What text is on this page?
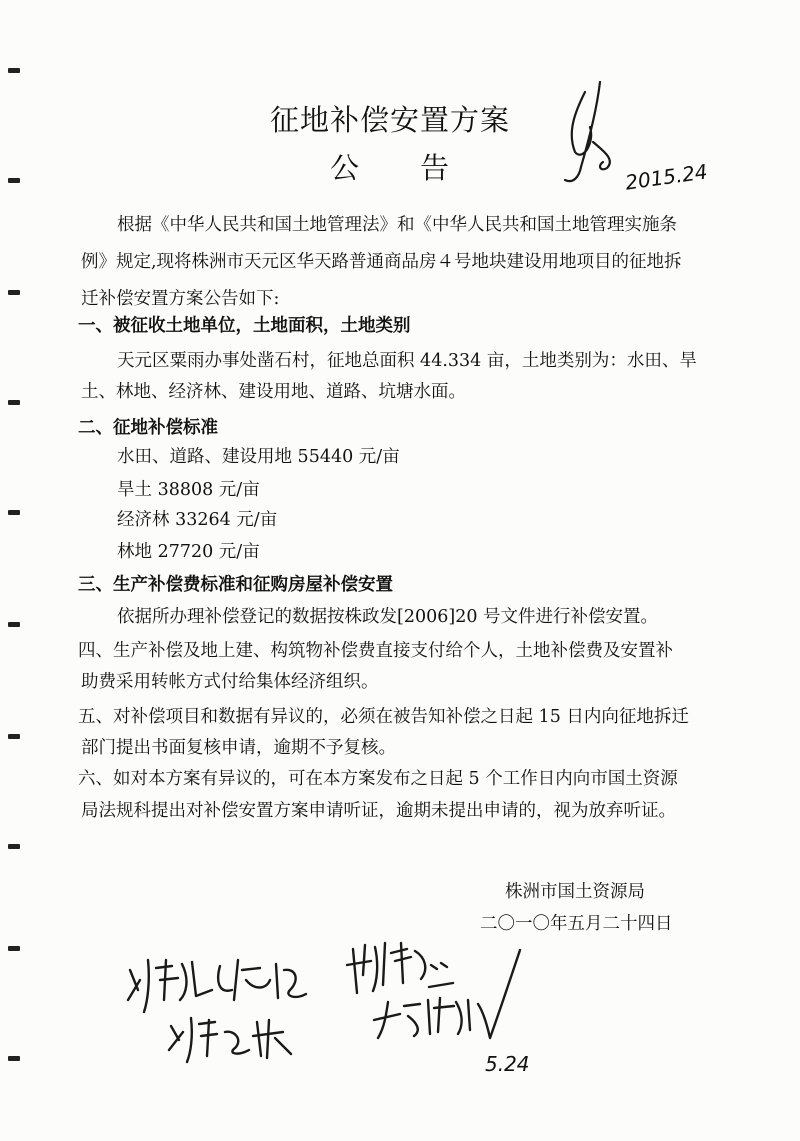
征地补偿安置方案
公　　告	2015.24
根据《中华人民共和国土地管理法》和《中华人民共和国土地管理实施条
例》规定,现将株洲市天元区华天路普通商品房４号地块建设用地项目的征地拆
迁补偿安置方案公告如下:
一、被征收土地单位，土地面积，土地类别
天元区粟雨办事处凿石村，征地总面积 44.334 亩，土地类别为：水田、旱
土、林地、经济林、建设用地、道路、坑塘水面。
二、征地补偿标准
水田、道路、建设用地 55440 元/亩
旱土 38808 元/亩
经济林 33264 元/亩
林地 27720 元/亩
三、生产补偿费标准和征购房屋补偿安置
依据所办理补偿登记的数据按株政发[2006]20 号文件进行补偿安置。
四、生产补偿及地上建、构筑物补偿费直接支付给个人，土地补偿费及安置补
助费采用转帐方式付给集体经济组织。
五、对补偿项目和数据有异议的，必须在被告知补偿之日起 15 日内向征地拆迁
部门提出书面复核申请，逾期不予复核。
六、如对本方案有异议的，可在本方案发布之日起 5 个工作日内向市国土资源
局法规科提出对补偿安置方案申请听证，逾期未提出申请的，视为放弃听证。
株洲市国土资源局
二〇一〇年五月二十四日
5.24
